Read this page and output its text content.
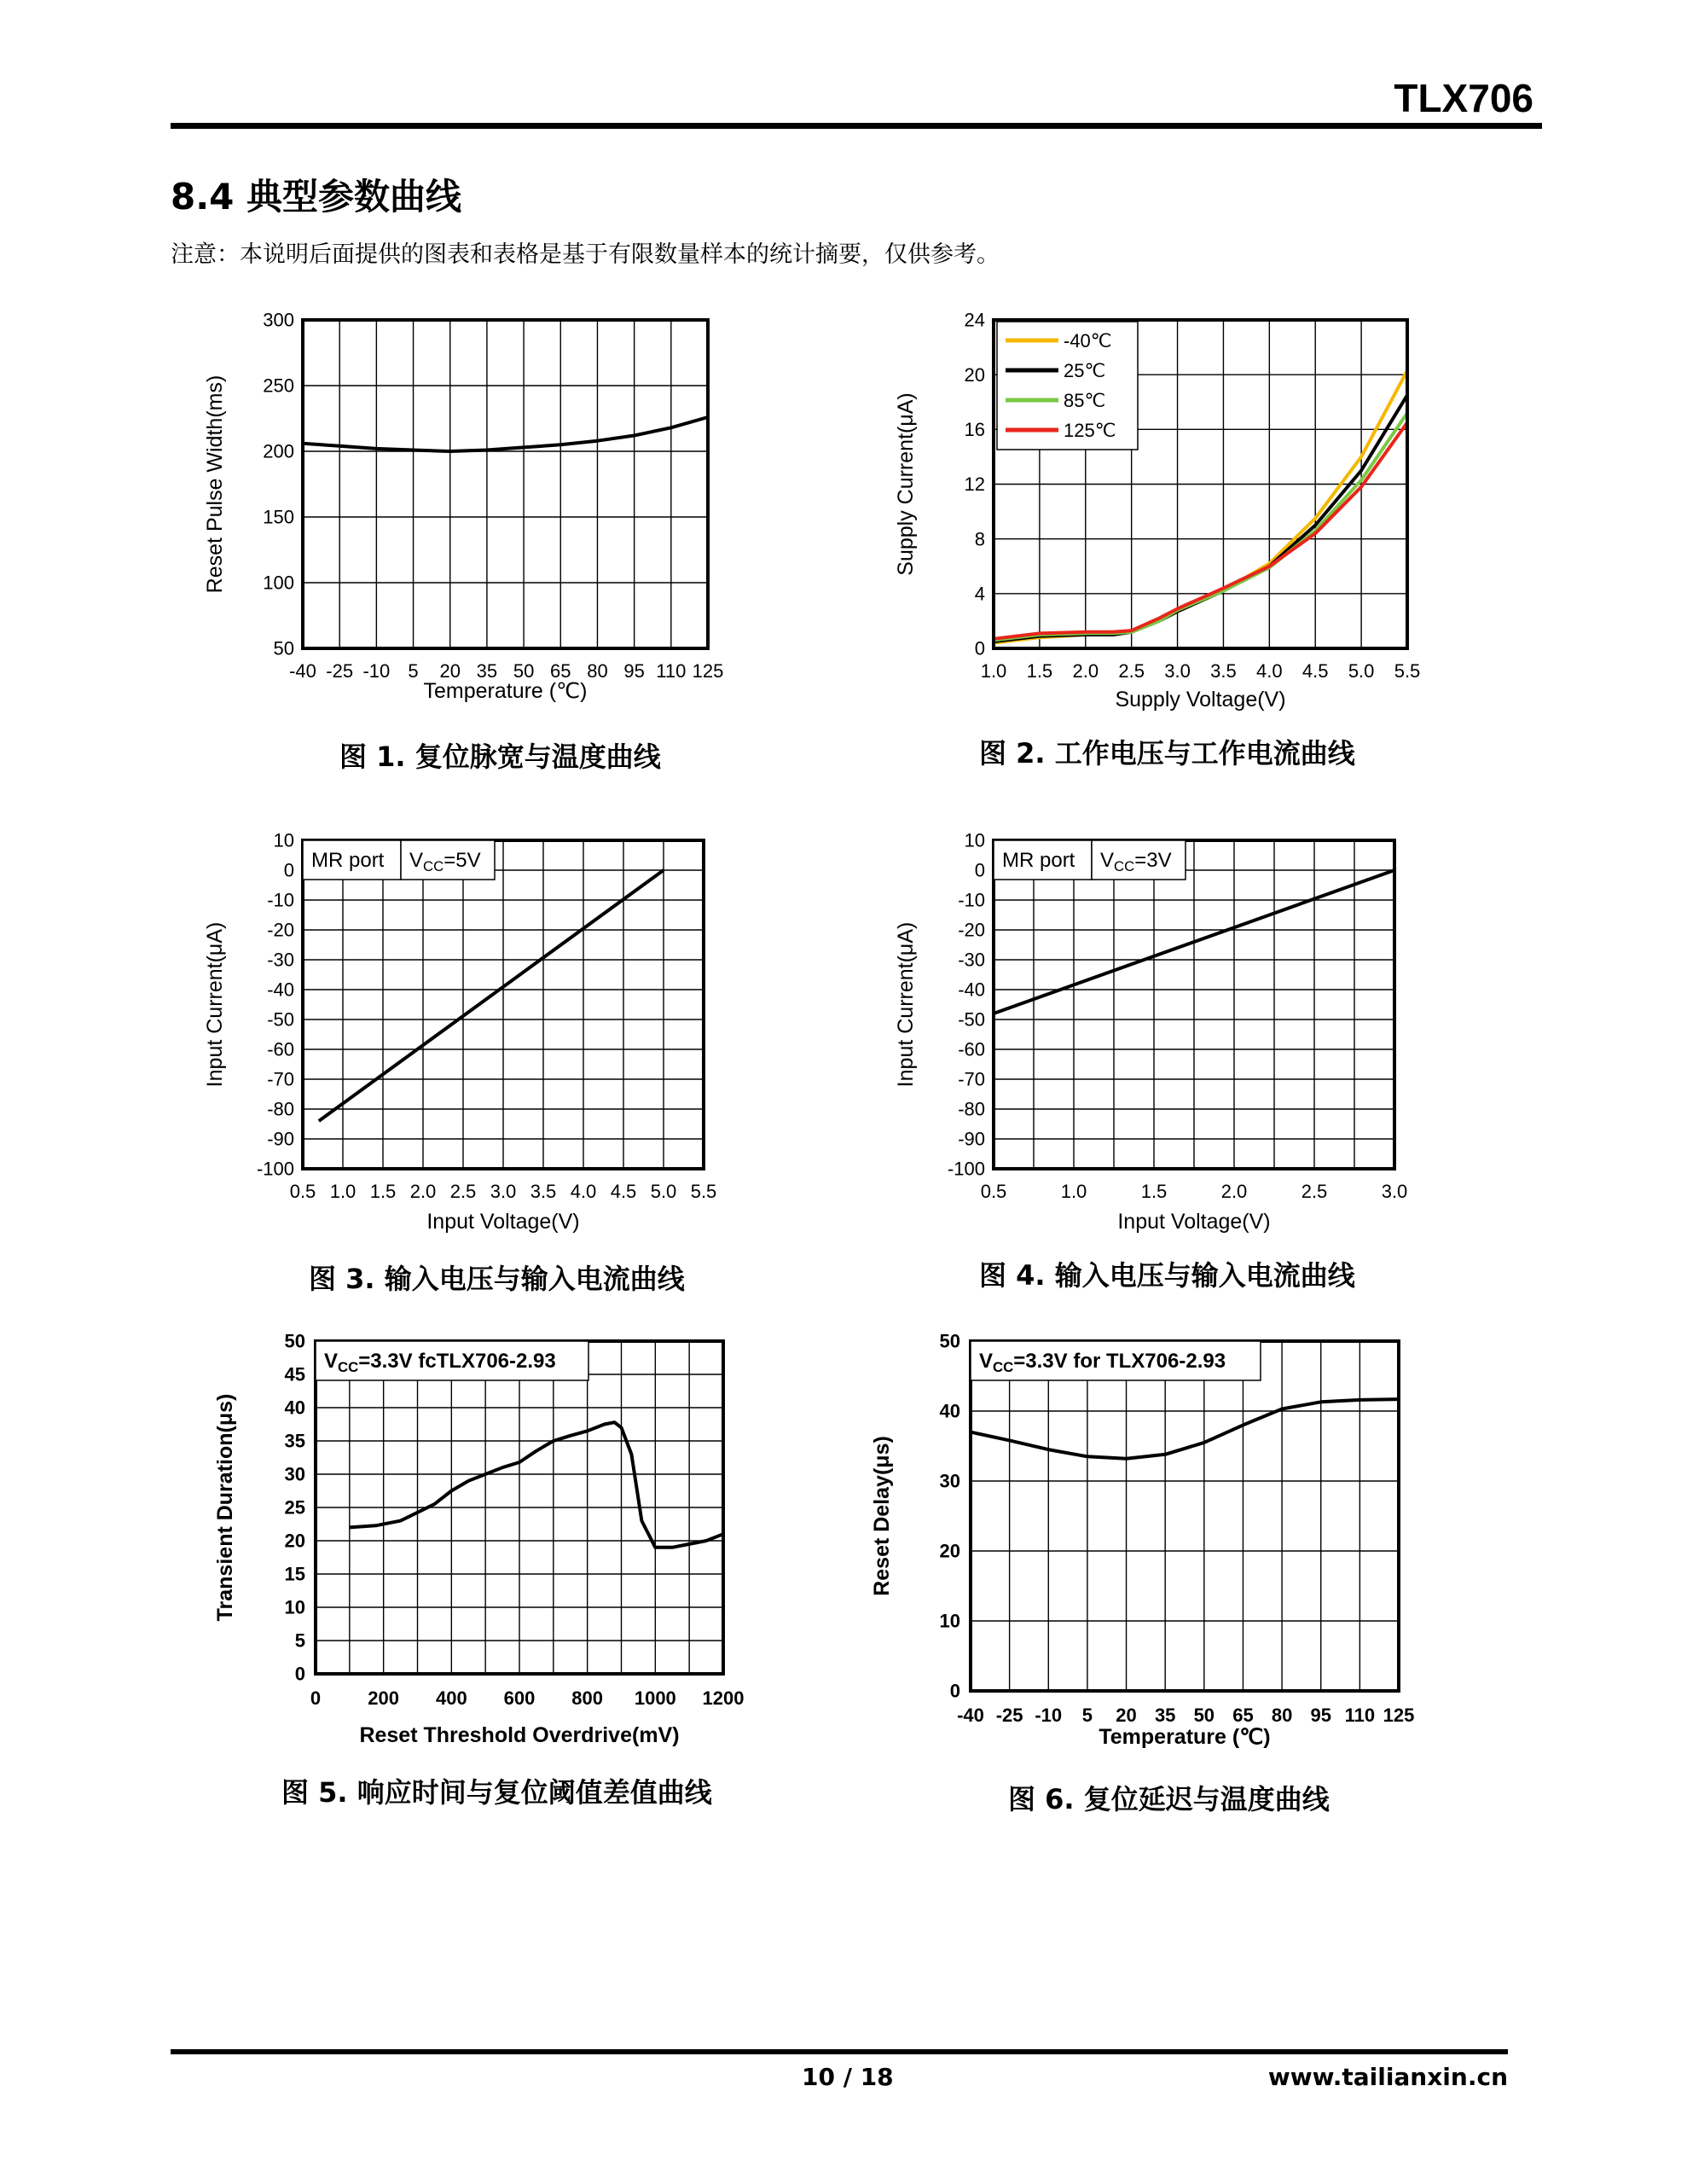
TLX706
8.4 典型参数曲线
注意：本说明后面提供的图表和表格是基于有限数量样本的统计摘要，仅供参考。
-40 -25 -10 5 20 35 50 65 80 95 110 125
50
100
150
200
250
300
Temperature (℃)
Reset Pulse Width(ms)
1.0 1.5 2.0 2.5 3.0 3.5 4.0 4.5 5.0 5.5
0
4
8
12
16
20
24
Supply Voltage(V)
Supply Current(μA)
-40℃
25℃
85℃
125℃
0.5 1.0 1.5 2.0 2.5 3.0 3.5 4.0 4.5 5.0 5.5
10
0
-10
-20
-30
-40
-50
-60
-70
-80
-90
-100
Input Voltage(V)
Input Current(μA)
MR port $V_{CC}=5V$
0.5	1.0	1.5	2.0	2.5	3.0
10
0
-10
-20
-30
-40
-50
-60
-70
-80
-90
-100
Input Voltage(V)
Input Current(μA)
MR port $V_{CC}=3V$
0	200 400 600 800 1000 1200
0
5
10
15
20
25
30
35
40
45
50
Reset Threshold Overdrive(mV)
Transient Duration(μs)
$V_{CC}=3.3V$ fcTLX706-2.93
-40 -25 -10 5 20 35 50 65 80 95 110 125
0
10
20
30
40
50
Temperature (℃)
Reset Delay(μs)
$V_{CC}=3.3V$ for TLX706-2.93
图 1. 复位脉宽与温度曲线	图 2. 工作电压与工作电流曲线
图 3. 输入电压与输入电流曲线	图 4. 输入电压与输入电流曲线
图 5. 响应时间与复位阈值差值曲线	图 6. 复位延迟与温度曲线
10 / 18	www.tailianxin.cn
